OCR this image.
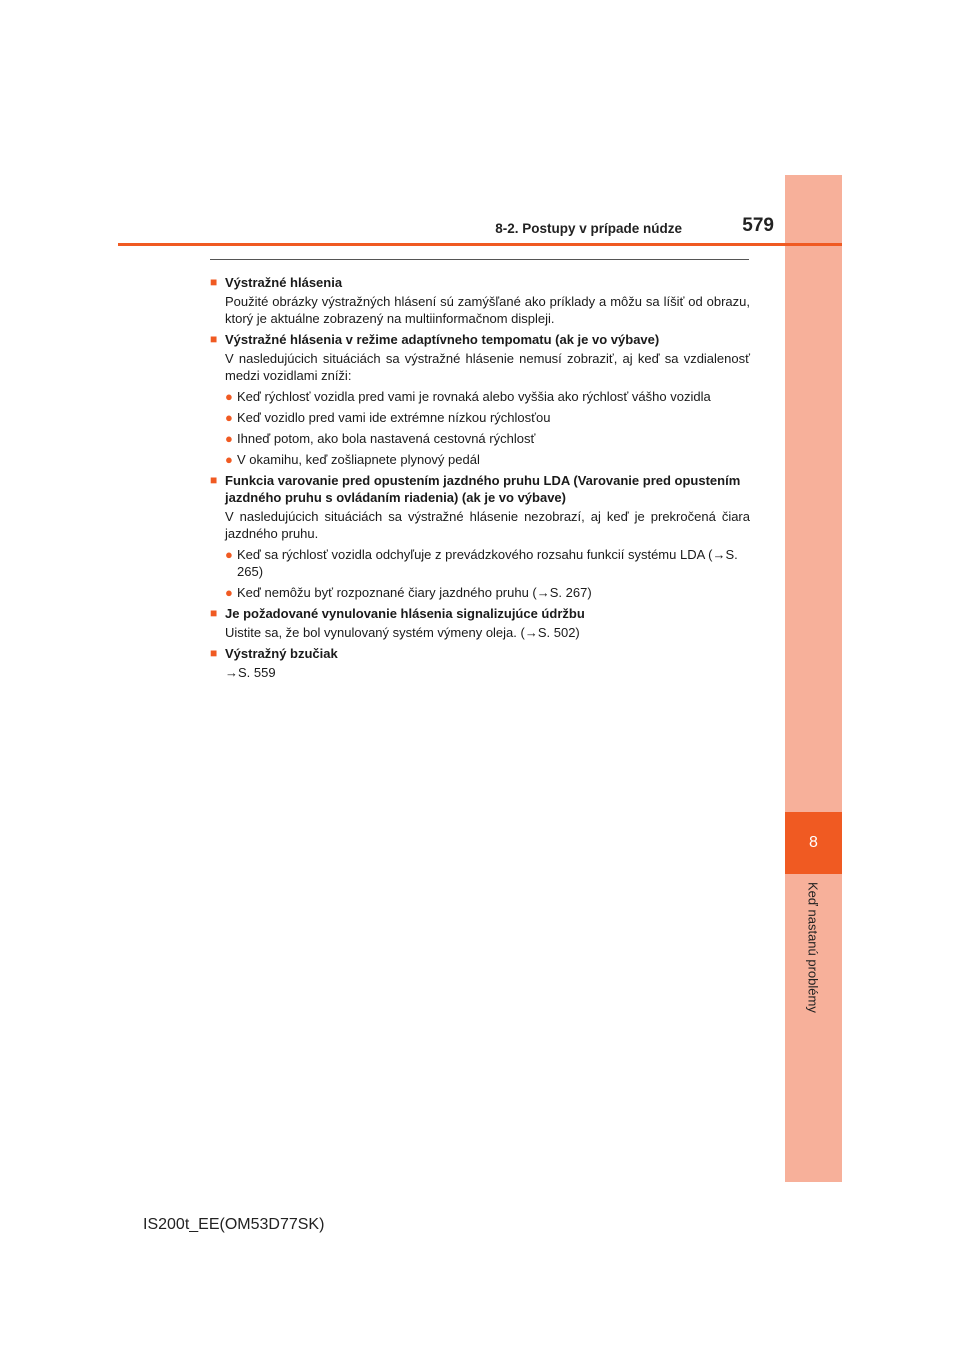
8
Keď nastanú problémy
8-2. Postupy v prípade núdze	579
■ Výstražné hlásenia
Použité obrázky výstražných hlásení sú zamýšľané ako príklady a môžu sa líšiť od obrazu, ktorý je aktuálne zobrazený na multiinformačnom displeji.
■ Výstražné hlásenia v režime adaptívneho tempomatu (ak je vo výbave)
V nasledujúcich situáciách sa výstražné hlásenie nemusí zobraziť, aj keď sa vzdialenosť medzi vozidlami zníži:
● Keď rýchlosť vozidla pred vami je rovnaká alebo vyššia ako rýchlosť vášho vozidla
● Keď vozidlo pred vami ide extrémne nízkou rýchlosťou
● Ihneď potom, ako bola nastavená cestovná rýchlosť
● V okamihu, keď zošliapnete plynový pedál
■ Funkcia varovanie pred opustením jazdného pruhu LDA (Varovanie pred opustením jazdného pruhu s ovládaním riadenia) (ak je vo výbave)
V nasledujúcich situáciách sa výstražné hlásenie nezobrazí, aj keď je prekročená čiara jazdného pruhu.
● Keď sa rýchlosť vozidla odchyľuje z prevádzkového rozsahu funkcií systému LDA (→S. 265)
● Keď nemôžu byť rozpoznané čiary jazdného pruhu (→S. 267)
■ Je požadované vynulovanie hlásenia signalizujúce údržbu
Uistite sa, že bol vynulovaný systém výmeny oleja. (→S. 502)
■ Výstražný bzučiak
→S. 559
IS200t_EE(OM53D77SK)
